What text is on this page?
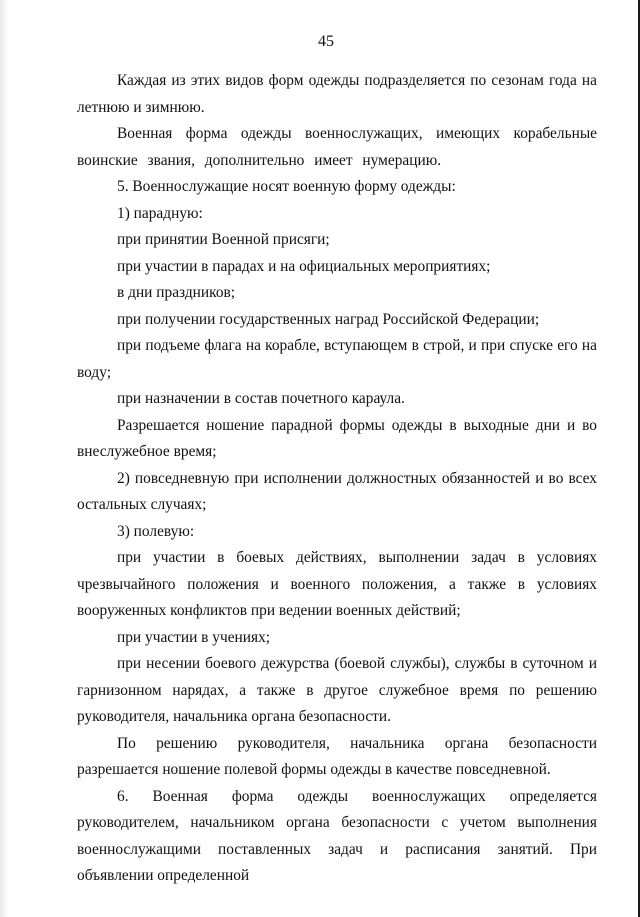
45

Каждая из этих видов форм одежды подразделяется по сезонам года на летнюю и зимнюю.

Военная форма одежды военнослужащих, имеющих корабельные воинские звания, дополнительно имеет нумерацию.

5. Военнослужащие носят военную форму одежды:

1) парадную:

при принятии Военной присяги;

при участии в парадах и на официальных мероприятиях;

в дни праздников;

при получении государственных наград Российской Федерации;

при подъеме флага на корабле, вступающем в строй, и при спуске его на воду;

при назначении в состав почетного караула.

Разрешается ношение парадной формы одежды в выходные дни и во внеслужебное время;

2) повседневную при исполнении должностных обязанностей и во всех остальных случаях;

3) полевую:

при участии в боевых действиях, выполнении задач в условиях чрезвычайного положения и военного положения, а также в условиях вооруженных конфликтов при ведении военных действий;

при участии в учениях;

при несении боевого дежурства (боевой службы), службы в суточном и гарнизонном нарядах, а также в другое служебное время по решению руководителя, начальника органа безопасности.

По решению руководителя, начальника органа безопасности разрешается ношение полевой формы одежды в качестве повседневной.

6. Военная форма одежды военнослужащих определяется руководителем, начальником органа безопасности с учетом выполнения военнослужащими поставленных задач и расписания занятий. При объявлении определенной
